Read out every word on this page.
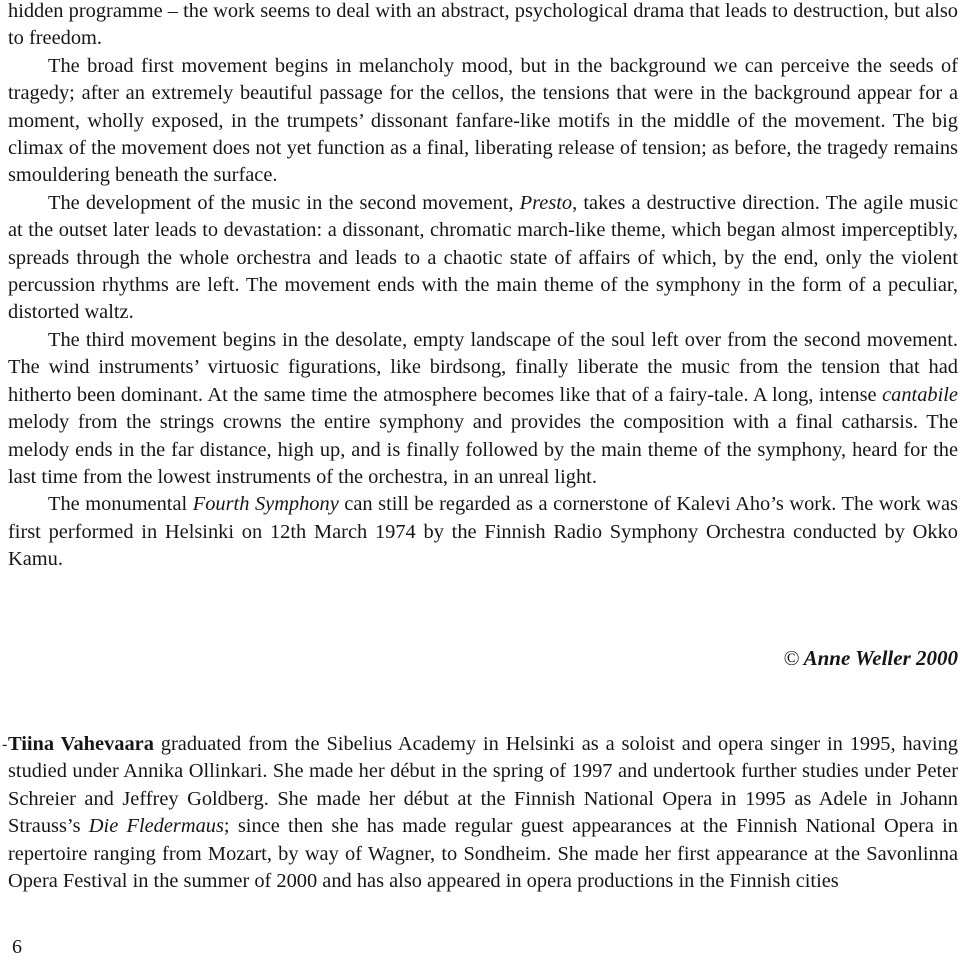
hidden programme – the work seems to deal with an abstract, psychological drama that leads to destruction, but also to freedom.

The broad first movement begins in melancholy mood, but in the background we can perceive the seeds of tragedy; after an extremely beautiful passage for the cellos, the tensions that were in the background appear for a moment, wholly exposed, in the trumpets’ dissonant fanfare-like motifs in the middle of the movement. The big climax of the movement does not yet function as a final, liberating release of tension; as before, the tragedy remains smouldering beneath the surface.

The development of the music in the second movement, Presto, takes a destructive direction. The agile music at the outset later leads to devastation: a dissonant, chromatic march-like theme, which began almost imperceptibly, spreads through the whole orchestra and leads to a chaotic state of affairs of which, by the end, only the violent percussion rhythms are left. The movement ends with the main theme of the symphony in the form of a peculiar, distorted waltz.

The third movement begins in the desolate, empty landscape of the soul left over from the second movement. The wind instruments’ virtuosic figurations, like birdsong, finally liberate the music from the tension that had hitherto been dominant. At the same time the atmosphere becomes like that of a fairy-tale. A long, intense cantabile melody from the strings crowns the entire symphony and provides the composition with a final catharsis. The melody ends in the far distance, high up, and is finally followed by the main theme of the symphony, heard for the last time from the lowest instruments of the orchestra, in an unreal light.

The monumental Fourth Symphony can still be regarded as a cornerstone of Kalevi Aho’s work. The work was first performed in Helsinki on 12th March 1974 by the Finnish Radio Symphony Orchestra conducted by Okko Kamu.

© Anne Weller 2000
- Tiina Vahevaara graduated from the Sibelius Academy in Helsinki as a soloist and opera singer in 1995, having studied under Annika Ollinkari. She made her début in the spring of 1997 and undertook further studies under Peter Schreier and Jeffrey Goldberg. She made her début at the Finnish National Opera in 1995 as Adele in Johann Strauss’s Die Fledermaus; since then she has made regular guest appearances at the Finnish National Opera in repertoire ranging from Mozart, by way of Wagner, to Sondheim. She made her first appearance at the Savonlinna Opera Festival in the summer of 2000 and has also appeared in opera productions in the Finnish cities

6
